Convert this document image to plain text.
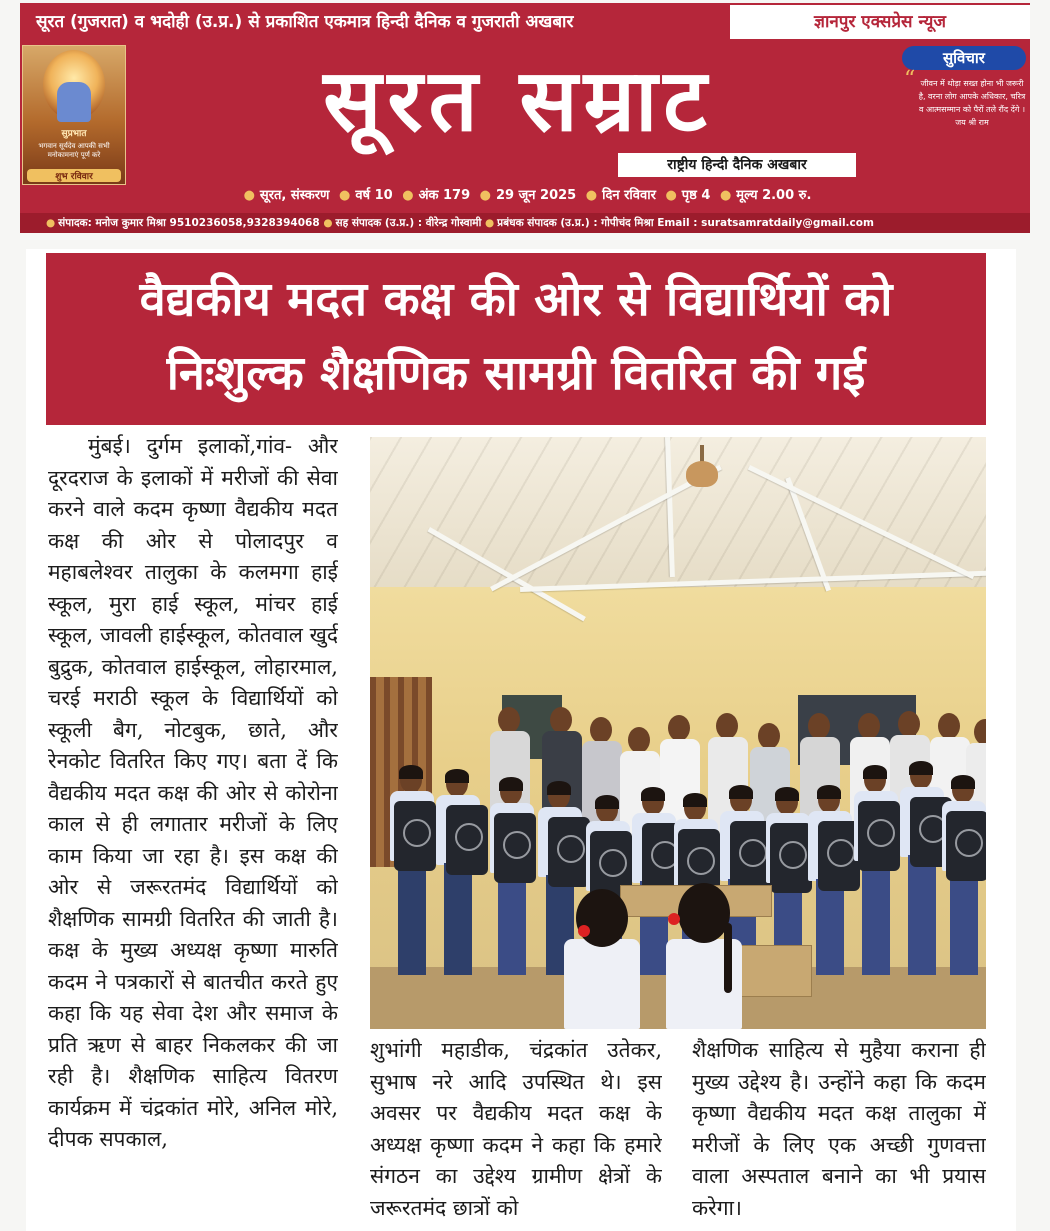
सूरत (गुजरात) व भदोही (उ.प्र.) से प्रकाशित एकमात्र हिन्दी दैनिक व गुजराती अखबार	ज्ञानपुर एक्सप्रेस न्यूज
सुप्रभात
भगवान सूर्यदेव आपकी सभी मनोकामनाएं पूर्ण करे
शुभ रविवार
सूरत सम्राट
राष्ट्रीय हिन्दी दैनिक अखबार
सुविचार
“ जीवन में थोड़ा सख्त होना भी जरूरी है, वरना लोग आपके अधिकार, चरित्र व आत्मसम्मान को पैरों तले रौंद देंगे । जय श्री राम
● सूरत, संस्करण ● वर्ष 10 ● अंक 179 ● 29 जून 2025 ● दिन रविवार ● पृष्ठ 4 ● मूल्य 2.00 रु.
● संपादक: मनोज कुमार मिश्रा 9510236058,9328394068 ● सह संपादक (उ.प्र.) : वीरेन्द्र गोस्वामी ● प्रबंधक संपादक (उ.प्र.) : गोपीचंद मिश्रा Email : suratsamratdaily@gmail.com
वैद्यकीय मदत कक्ष की ओर से विद्यार्थियों को
निःशुल्क शैक्षणिक सामग्री वितरित की गई
मुंबई। दुर्गम इलाकों,गांव- और दूरदराज के इलाकों में मरीजों की सेवा करने वाले कदम कृष्णा वैद्यकीय मदत कक्ष की ओर से पोलादपुर व महाबलेश्वर तालुका के कलमगा हाई स्कूल, मुरा हाई स्कूल, मांचर हाई स्कूल, जावली हाईस्कूल, कोतवाल खुर्द बुद्रुक, कोतवाल हाईस्कूल, लोहारमाल, चरई मराठी स्कूल के विद्यार्थियों को स्कूली बैग, नोटबुक, छाते, और रेनकोट वितरित किए गए। बता दें कि वैद्यकीय मदत कक्ष की ओर से कोरोना काल से ही लगातार मरीजों के लिए काम किया जा रहा है। इस कक्ष की ओर से जरूरतमंद विद्यार्थियों को शैक्षणिक सामग्री वितरित की जाती है। कक्ष के मुख्य अध्यक्ष कृष्णा मारुति कदम ने पत्रकारों से बातचीत करते हुए कहा कि यह सेवा देश और समाज के प्रति ऋण से बाहर निकलकर की जा रही है। शैक्षणिक साहित्य वितरण कार्यक्रम में चंद्रकांत मोरे, अनिल मोरे, दीपक सपकाल,
शुभांगी महाडीक, चंद्रकांत उतेकर, सुभाष नरे आदि उपस्थित थे। इस अवसर पर वैद्यकीय मदत कक्ष के अध्यक्ष कृष्णा कदम ने कहा कि हमारे संगठन का उद्देश्य ग्रामीण क्षेत्रों के जरूरतमंद छात्रों को
शैक्षणिक साहित्य से मुहैया कराना ही मुख्य उद्देश्य है। उन्होंने कहा कि कदम कृष्णा वैद्यकीय मदत कक्ष तालुका में मरीजों के लिए एक अच्छी गुणवत्ता वाला अस्पताल बनाने का भी प्रयास करेगा।
